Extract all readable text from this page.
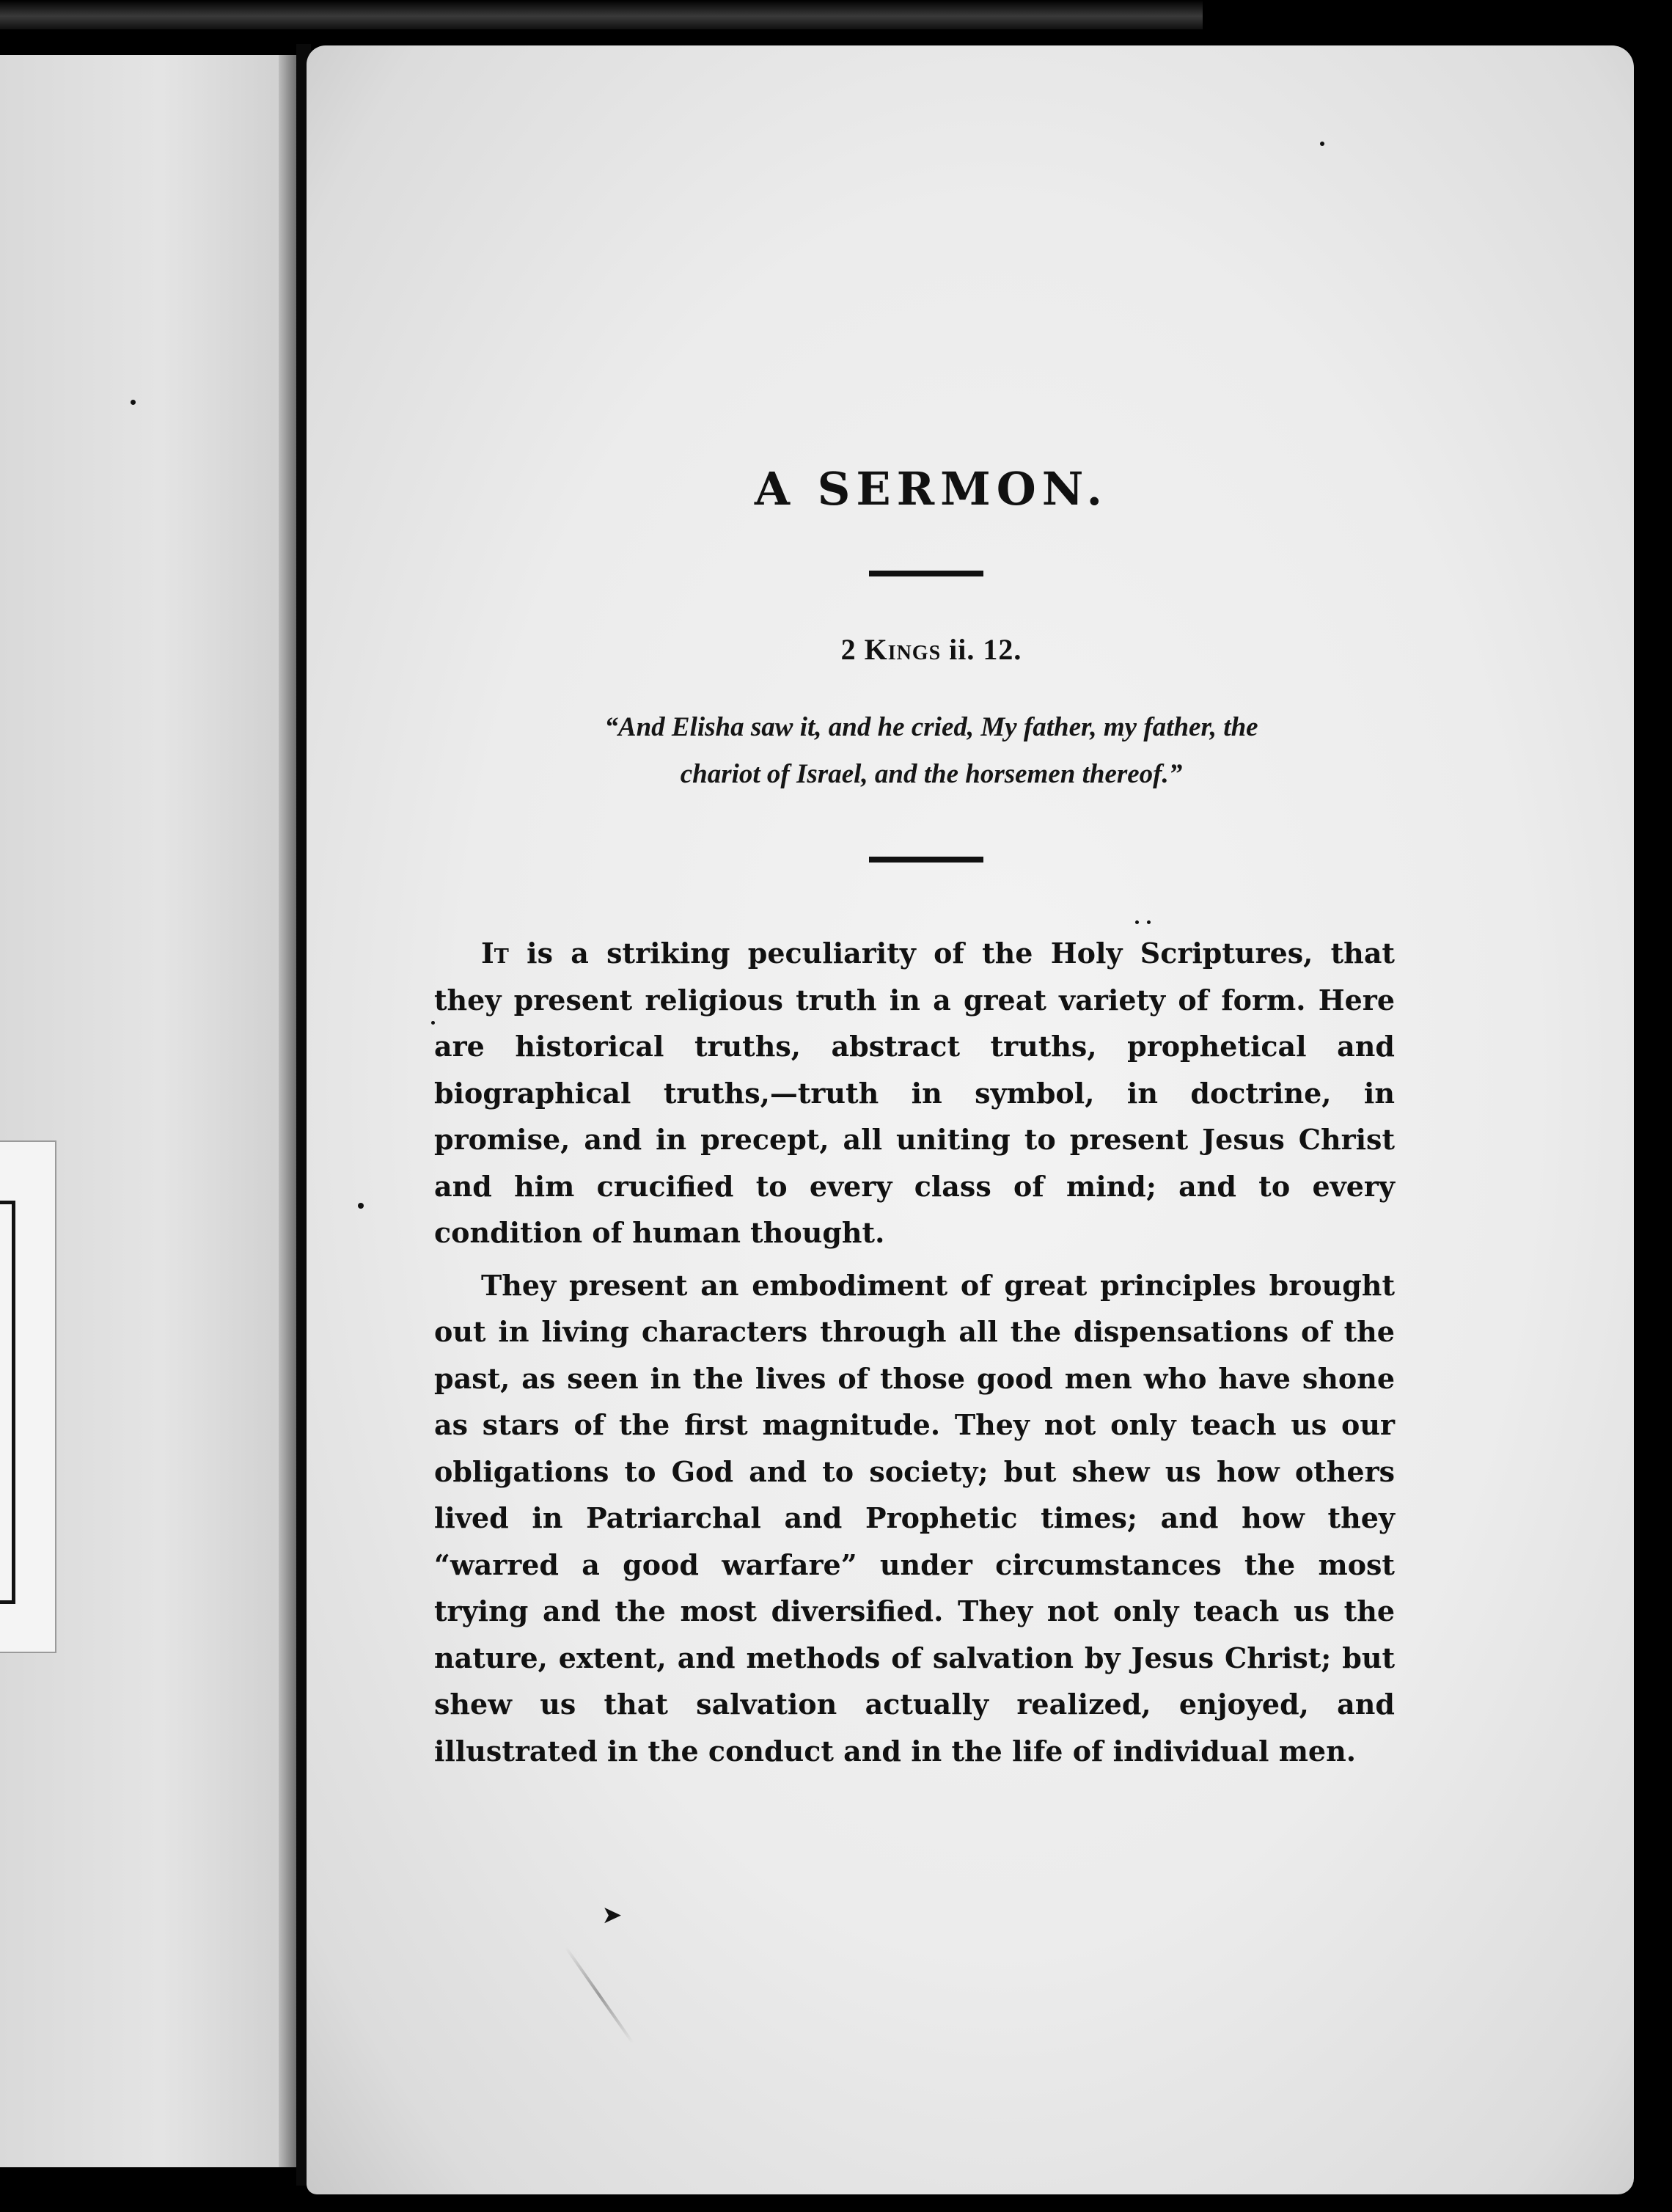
A SERMON.
2 Kings ii. 12.
“And Elisha saw it, and he cried, My father, my father, the
chariot of Israel, and the horsemen thereof.”

It is a striking peculiarity of the Holy Scriptures, that they present religious truth in a great variety of form. Here are historical truths, abstract truths, prophetical and biographical truths,—truth in symbol, in doctrine, in promise, and in precept, all uniting to present Jesus Christ and him crucified to every class of mind; and to every condition of human thought.

They present an embodiment of great principles brought out in living characters through all the dispensations of the past, as seen in the lives of those good men who have shone as stars of the first magnitude. They not only teach us our obligations to God and to society; but shew us how others lived in Patriarchal and Prophetic times; and how they “warred a good warfare” under circumstances the most trying and the most diversified. They not only teach us the nature, extent, and methods of salvation by Jesus Christ; but shew us that salvation actually realized, enjoyed, and illustrated in the conduct and in the life of individual men.

➤
